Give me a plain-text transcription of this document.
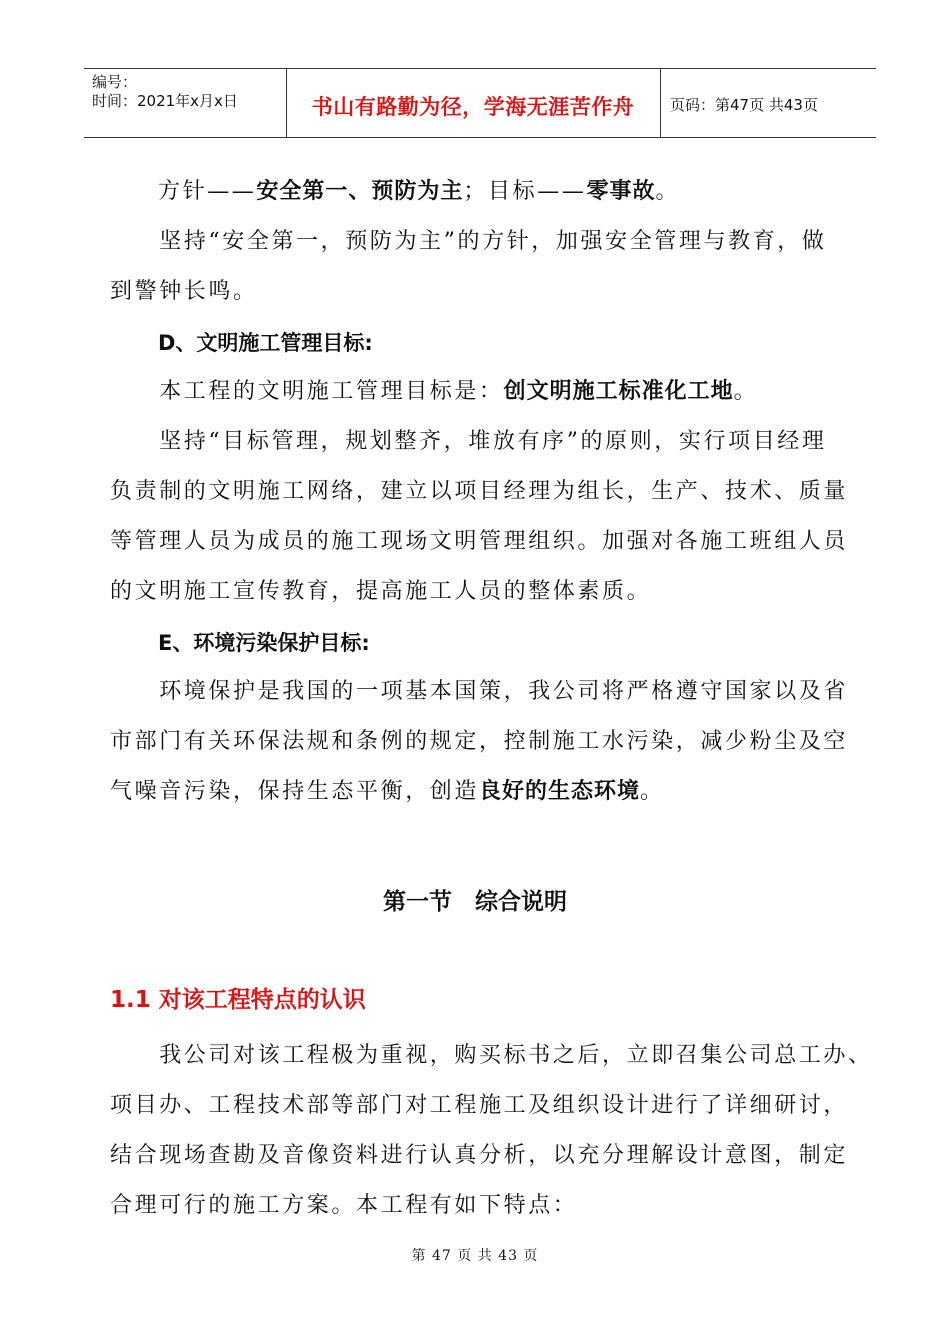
编号：
时间：2021年x月x日	书山有路勤为径，学海无涯苦作舟	页码：第47页 共43页
方针——安全第一、预防为主；目标——零事故。
　　坚持“安全第一，预防为主”的方针，加强安全管理与教育，做
到警钟长鸣。
D、文明施工管理目标:
　　本工程的文明施工管理目标是：创文明施工标准化工地。
　　坚持“目标管理，规划整齐，堆放有序”的原则，实行项目经理
负责制的文明施工网络，建立以项目经理为组长，生产、技术、质量
等管理人员为成员的施工现场文明管理组织。加强对各施工班组人员
的文明施工宣传教育，提高施工人员的整体素质。
E、环境污染保护目标:
　　环境保护是我国的一项基本国策，我公司将严格遵守国家以及省
市部门有关环保法规和条例的规定，控制施工水污染，减少粉尘及空
气噪音污染，保持生态平衡，创造良好的生态环境。
第一节　综合说明
1.1 对该工程特点的认识
　　我公司对该工程极为重视，购买标书之后，立即召集公司总工办、
项目办、工程技术部等部门对工程施工及组织设计进行了详细研讨，
结合现场查勘及音像资料进行认真分析，以充分理解设计意图，制定
合理可行的施工方案。本工程有如下特点：
第 47 页 共 43 页
